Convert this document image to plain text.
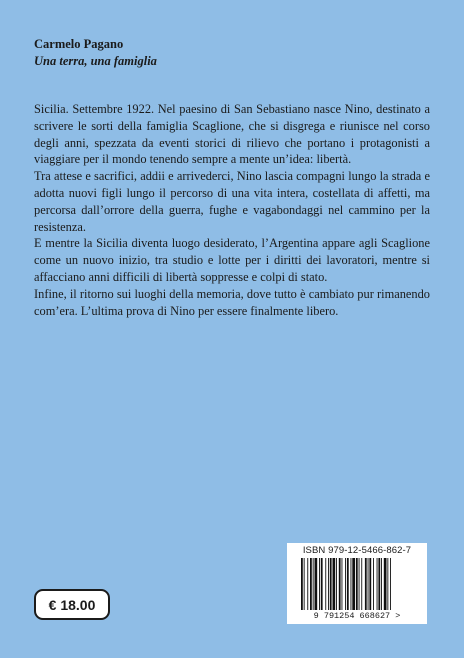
Carmelo Pagano
Una terra, una famiglia

Sicilia. Settembre 1922. Nel paesino di San Sebastiano nasce Nino, destinato a scrivere le sorti della famiglia Scaglione, che si disgrega e riunisce nel corso degli anni, spezzata da eventi storici di rilievo che portano i protagonisti a viaggiare per il mondo tenendo sempre a mente un’idea: libertà.

Tra attese e sacrifici, addii e arrivederci, Nino lascia compagni lungo la strada e adotta nuovi figli lungo il percorso di una vita intera, costellata di affetti, ma percorsa dall’orrore della guerra, fughe e vagabondaggi nel cammino per la resistenza.

E mentre la Sicilia diventa luogo desiderato, l’Argentina appare agli Scaglione come un nuovo inizio, tra studio e lotte per i diritti dei lavoratori, mentre si affacciano anni difficili di libertà soppresse e colpi di stato.

Infine, il ritorno sui luoghi della memoria, dove tutto è cambiato pur rimanendo com’era. L’ultima prova di Nino per essere finalmente libero.

€ 18.00
ISBN 979-12-5466-862-7
9 791254 668627 >
